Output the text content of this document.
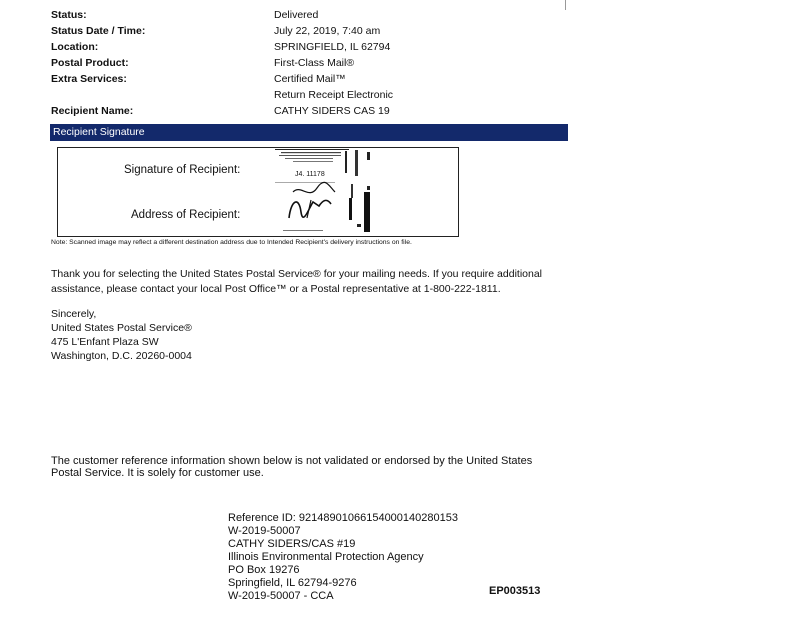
Status:	Delivered
Status Date / Time:	July 22, 2019, 7:40 am
Location:	SPRINGFIELD, IL 62794
Postal Product:	First-Class Mail®
Extra Services:	Certified Mail™
Return Receipt Electronic
Recipient Name:	CATHY SIDERS CAS 19
Recipient Signature
Signature of Recipient:
Address of Recipient:
J4. 11178
Note: Scanned image may reflect a different destination address due to Intended Recipient's delivery instructions on file.
Thank you for selecting the United States Postal Service® for your mailing needs. If you require additional assistance, please contact your local Post Office™ or a Postal representative at 1-800-222-1811.
Sincerely,
United States Postal Service®
475 L'Enfant Plaza SW
Washington, D.C. 20260-0004
The customer reference information shown below is not validated or endorsed by the United States Postal Service. It is solely for customer use.
Reference ID: 92148901066154000140280153
W-2019-50007
CATHY SIDERS/CAS #19
Illinois Environmental Protection Agency
PO Box 19276
Springfield, IL 62794-9276
W-2019-50007 - CCA	EP003513
